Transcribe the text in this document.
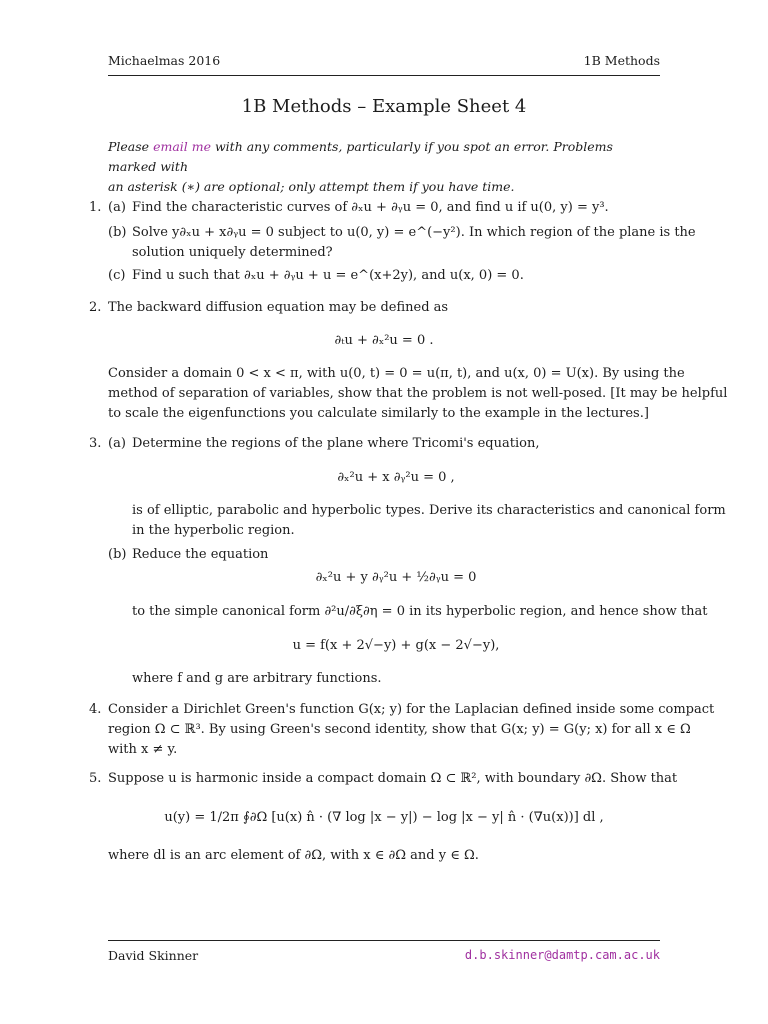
Michaelmas 2016	1B Methods
1B Methods – Example Sheet 4
Please email me with any comments, particularly if you spot an error. Problems marked with
an asterisk (∗) are optional; only attempt them if you have time.
1. (a) Find the characteristic curves of ∂ₓu + ∂ᵧu = 0, and find u if u(0, y) = y³.
(b) Solve y∂ₓu + x∂ᵧu = 0 subject to u(0, y) = e^(−y²). In which region of the plane is the
solution uniquely determined?
(c) Find u such that ∂ₓu + ∂ᵧu + u = e^(x+2y), and u(x, 0) = 0.
2. The backward diffusion equation may be defined as
∂ₜu + ∂ₓ²u = 0 .
Consider a domain 0 < x < π, with u(0, t) = 0 = u(π, t), and u(x, 0) = U(x). By using the
method of separation of variables, show that the problem is not well-posed. [It may be helpful
to scale the eigenfunctions you calculate similarly to the example in the lectures.]
3. (a) Determine the regions of the plane where Tricomi's equation,
∂ₓ²u + x ∂ᵧ²u = 0 ,
is of elliptic, parabolic and hyperbolic types. Derive its characteristics and canonical form
in the hyperbolic region.
(b) Reduce the equation
∂ₓ²u + y ∂ᵧ²u + ½∂ᵧu = 0
to the simple canonical form ∂²u/∂ξ∂η = 0 in its hyperbolic region, and hence show that
u = f(x + 2√−y) + g(x − 2√−y),
where f and g are arbitrary functions.
4. Consider a Dirichlet Green's function G(x; y) for the Laplacian defined inside some compact
region Ω ⊂ ℝ³. By using Green's second identity, show that G(x; y) = G(y; x) for all x ∈ Ω
with x ≠ y.
5. Suppose u is harmonic inside a compact domain Ω ⊂ ℝ², with boundary ∂Ω. Show that
u(y) = 1/2π ∮∂Ω [u(x) n̂ · (∇ log |x − y|) − log |x − y| n̂ · (∇u(x))] dl ,
where dl is an arc element of ∂Ω, with x ∈ ∂Ω and y ∈ Ω.
David Skinner	d.b.skinner@damtp.cam.ac.uk
